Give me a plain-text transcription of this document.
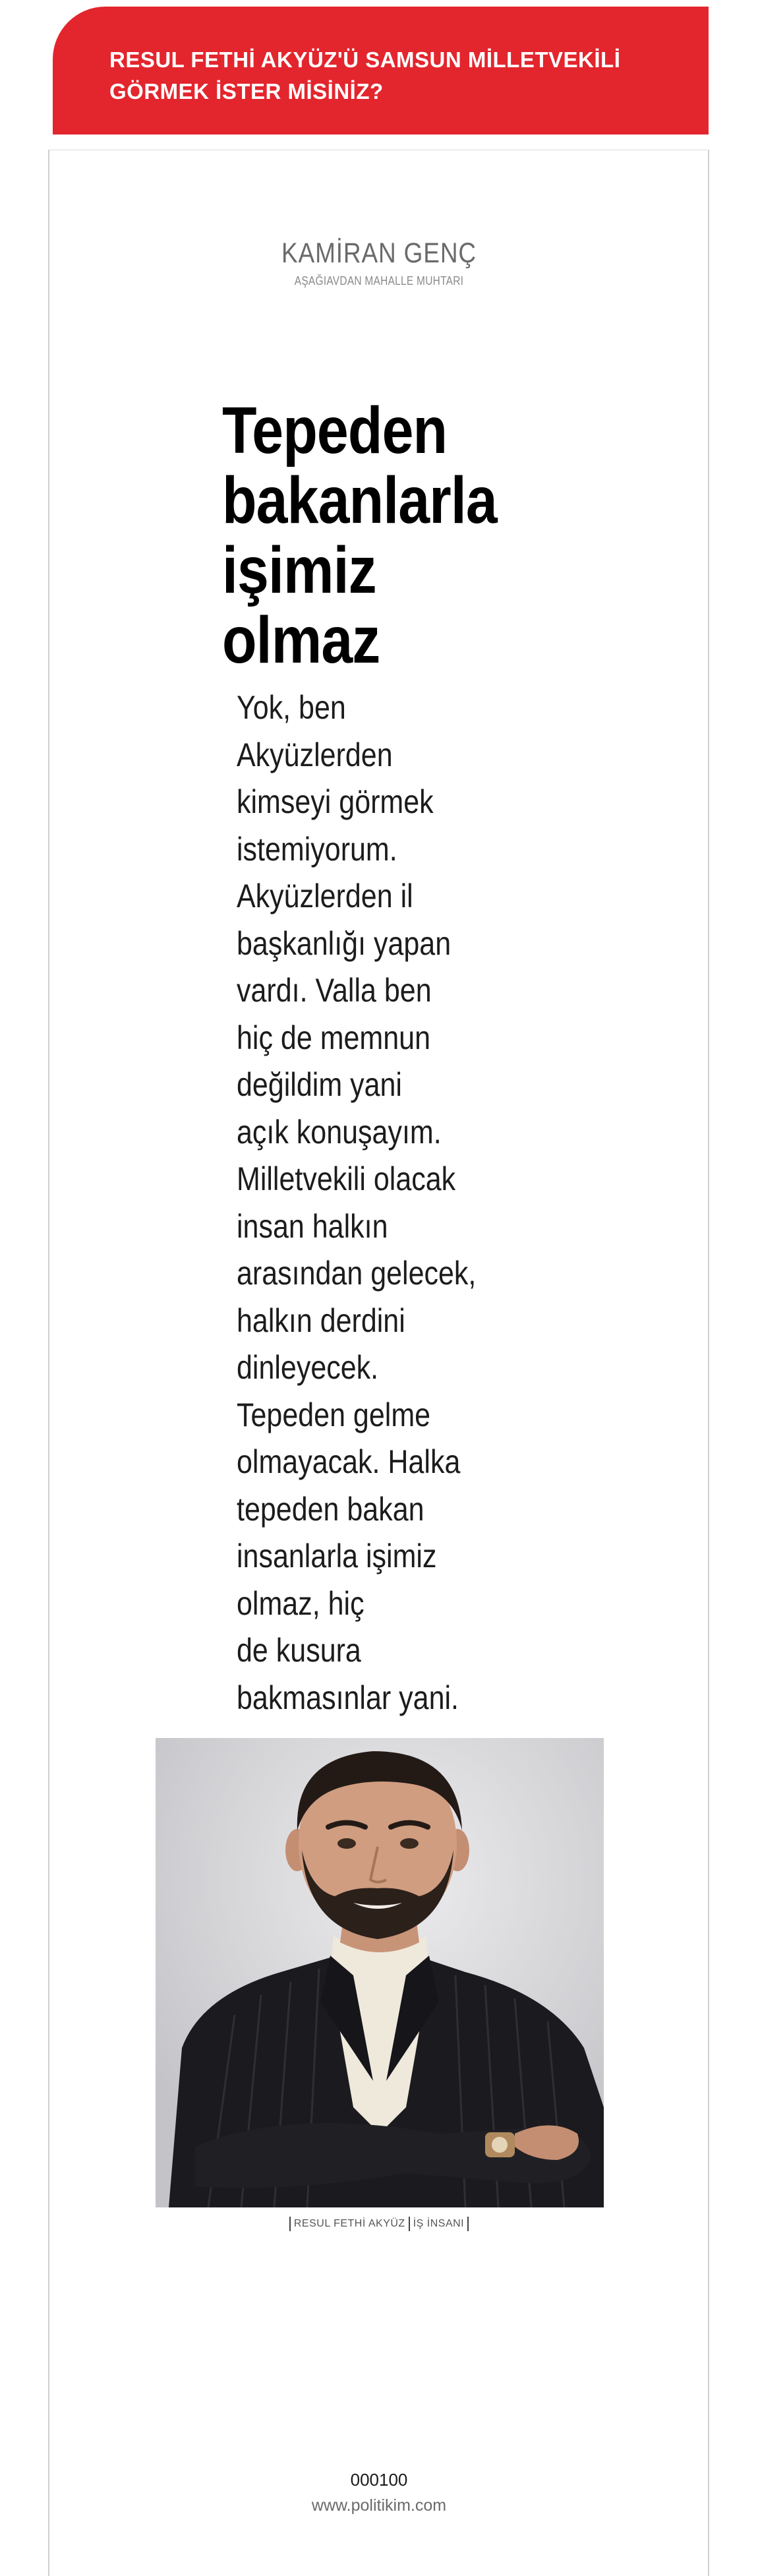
RESUL FETHİ AKYÜZ'Ü SAMSUN MİLLETVEKİLİ
GÖRMEK İSTER MİSİNİZ?

KAMİRAN GENÇ
AŞAĞIAVDAN MAHALLE MUHTARI
Tepeden
bakanlarla
işimiz
olmaz

Yok, ben
Akyüzlerden
kimseyi görmek
istemiyorum.
Akyüzlerden il
başkanlığı yapan
vardı. Valla ben
hiç de memnun
değildim yani
açık konuşayım.
Milletvekili olacak
insan halkın
arasından gelecek,
halkın derdini
dinleyecek.
Tepeden gelme
olmayacak. Halka
tepeden bakan
insanlarla işimiz
olmaz, hiç
de kusura
bakmasınlar yani.

RESUL FETHİ AKYÜZ İŞ İNSANI
000100
www.politikim.com
